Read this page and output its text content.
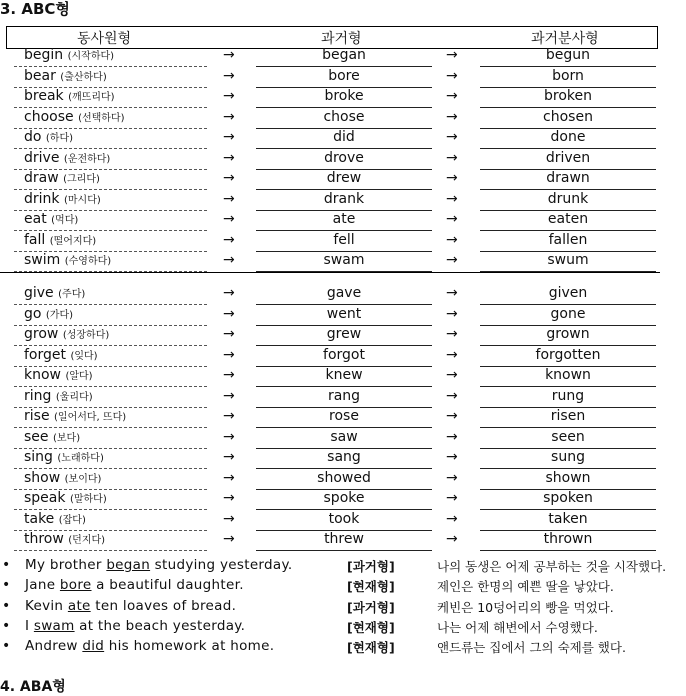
3. ABC형
동사원형	과거형	과거분사형
begin (시작하다)	→	began	→	begun
bear (출산하다)	→	bore	→	born
break (깨뜨리다)	→	broke	→	broken
choose (선택하다)	→	chose	→	chosen
do (하다)	→	did	→	done
drive (운전하다)	→	drove	→	driven
draw (그리다)	→	drew	→	drawn
drink (마시다)	→	drank	→	drunk
eat (먹다)	→	ate	→	eaten
fall (떨어지다)	→	fell	→	fallen
swim (수영하다)	→	swam	→	swum
give (주다)	→	gave	→	given
go (가다)	→	went	→	gone
grow (성장하다)	→	grew	→	grown
forget (잊다)	→	forgot	→	forgotten
know (알다)	→	knew	→	known
ring (울리다)	→	rang	→	rung
rise (일어서다, 뜨다)	→	rose	→	risen
see (보다)	→	saw	→	seen
sing (노래하다)	→	sang	→	sung
show (보이다)	→	showed	→	shown
speak (말하다)	→	spoke	→	spoken
take (잡다)	→	took	→	taken
throw (던지다)	→	threw	→	thrown
• My brother began studying yesterday.	[과거형]	나의 동생은 어제 공부하는 것을 시작했다.
• Jane bore a beautiful daughter.	[현재형]	제인은 한명의 예쁜 딸을 낳았다.
• Kevin ate ten loaves of bread.	[과거형]	케빈은 10덩어리의 빵을 먹었다.
• I swam at the beach yesterday.	[현재형]	나는 어제 해변에서 수영했다.
• Andrew did his homework at home.	[현재형]	앤드류는 집에서 그의 숙제를 했다.
4. ABA형
